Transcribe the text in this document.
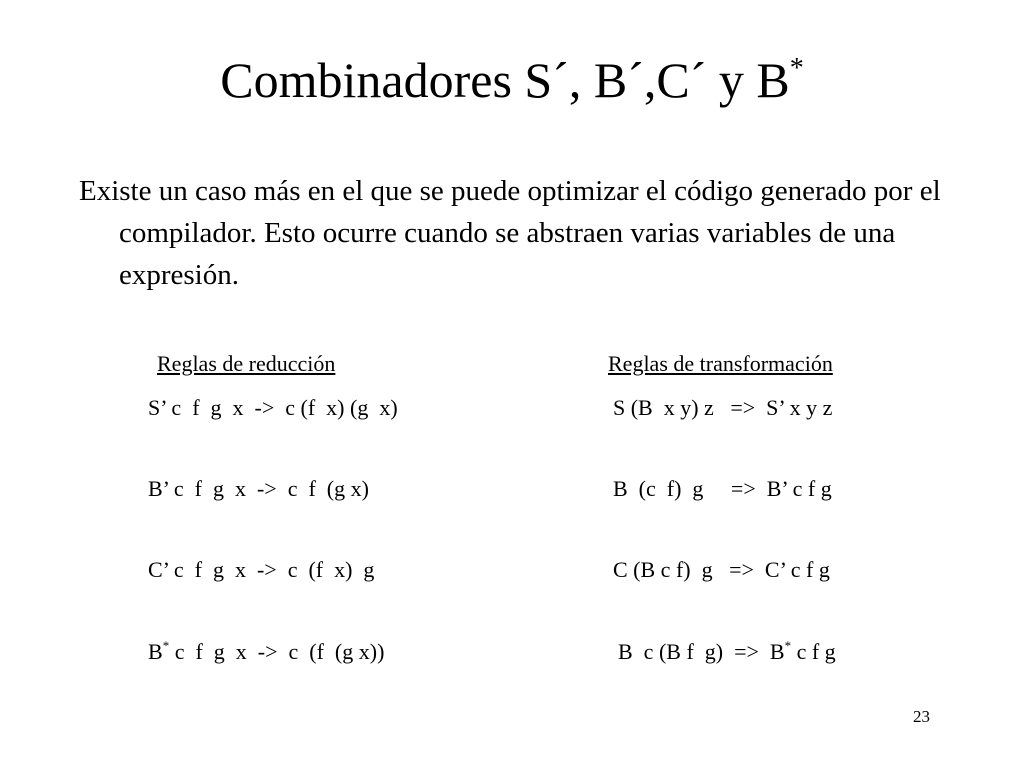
Combinadores S´, B´,C´ y B*
Existe un caso más en el que se puede optimizar el código generado por el compilador. Esto ocurre cuando se abstraen varias variables de una expresión.
Reglas de reducción	Reglas de transformación
S’ c  f  g  x  ->  c (f  x) (g  x)
B’ c  f  g  x  ->  c  f  (g x)
C’ c  f  g  x  ->  c  (f  x)  g
B* c  f  g  x  ->  c  (f  (g x))
S (B  x y) z   =>  S’ x y z
B  (c  f)  g     =>  B’ c f g
C (B c f)  g   =>  C’ c f g
B  c (B f  g)  =>  B* c f g
23
